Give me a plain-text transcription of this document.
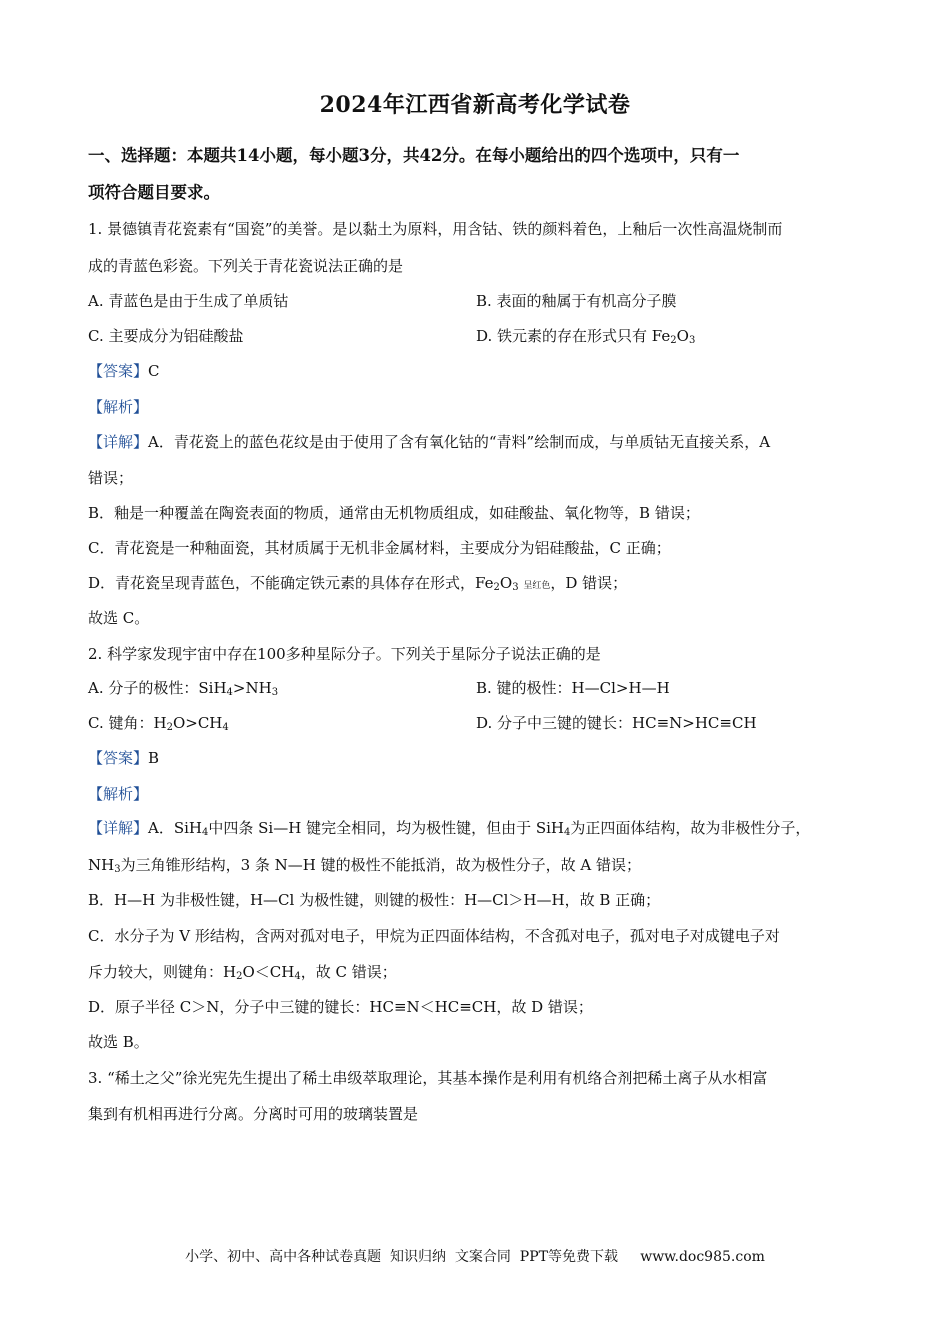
2024年江西省新高考化学试卷
一、选择题：本题共14小题，每小题3分，共42分。在每小题给出的四个选项中，只有一
项符合题目要求。
1. 景德镇青花瓷素有“国瓷”的美誉。是以黏土为原料，用含钴、铁的颜料着色，上釉后一次性高温烧制而
成的青蓝色彩瓷。下列关于青花瓷说法正确的是
A. 青蓝色是由于生成了单质钴	B. 表面的釉属于有机高分子膜
C. 主要成分为铝硅酸盐	D. 铁元素的存在形式只有 $Fe_2O_3$
【答案】C
【解析】
【详解】A．青花瓷上的蓝色花纹是由于使用了含有氧化钴的“青料”绘制而成，与单质钴无直接关系，A
错误；
B．釉是一种覆盖在陶瓷表面的物质，通常由无机物质组成，如硅酸盐、氧化物等，B 错误；
C．青花瓷是一种釉面瓷，其材质属于无机非金属材料，主要成分为铝硅酸盐，C 正确；
D．青花瓷呈现青蓝色，不能确定铁元素的具体存在形式，$Fe_2O_3$ 呈红色，D 错误；
故选 C。
2. 科学家发现宇宙中存在100多种星际分子。下列关于星际分子说法正确的是
A. 分子的极性：$SiH_4>NH_3$	B. 键的极性：H—Cl>H—H
C. 键角：$H_2O>CH_4$	D. 分子中三键的键长：HC≡N>HC≡CH
【答案】B
【解析】
【详解】A．SiH$_4$中四条 Si—H 键完全相同，均为极性键，但由于 SiH$_4$为正四面体结构，故为非极性分子，
$NH_3$为三角锥形结构，3 条 N—H 键的极性不能抵消，故为极性分子，故 A 错误；
B．H—H 为非极性键，H—Cl 为极性键，则键的极性：H—Cl＞H—H，故 B 正确；
C．水分子为 V 形结构，含两对孤对电子，甲烷为正四面体结构，不含孤对电子，孤对电子对成键电子对
斥力较大，则键角：$H_2O<CH_4$，故 C 错误；
D．原子半径 C＞N，分子中三键的键长：HC≡N＜HC≡CH，故 D 错误；
故选 B。
3. “稀土之父”徐光宪先生提出了稀土串级萃取理论，其基本操作是利用有机络合剂把稀土离子从水相富
集到有机相再进行分离。分离时可用的玻璃装置是
小学、初中、高中各种试卷真题  知识归纳  文案合同  PPT等免费下载     www.doc985.com
